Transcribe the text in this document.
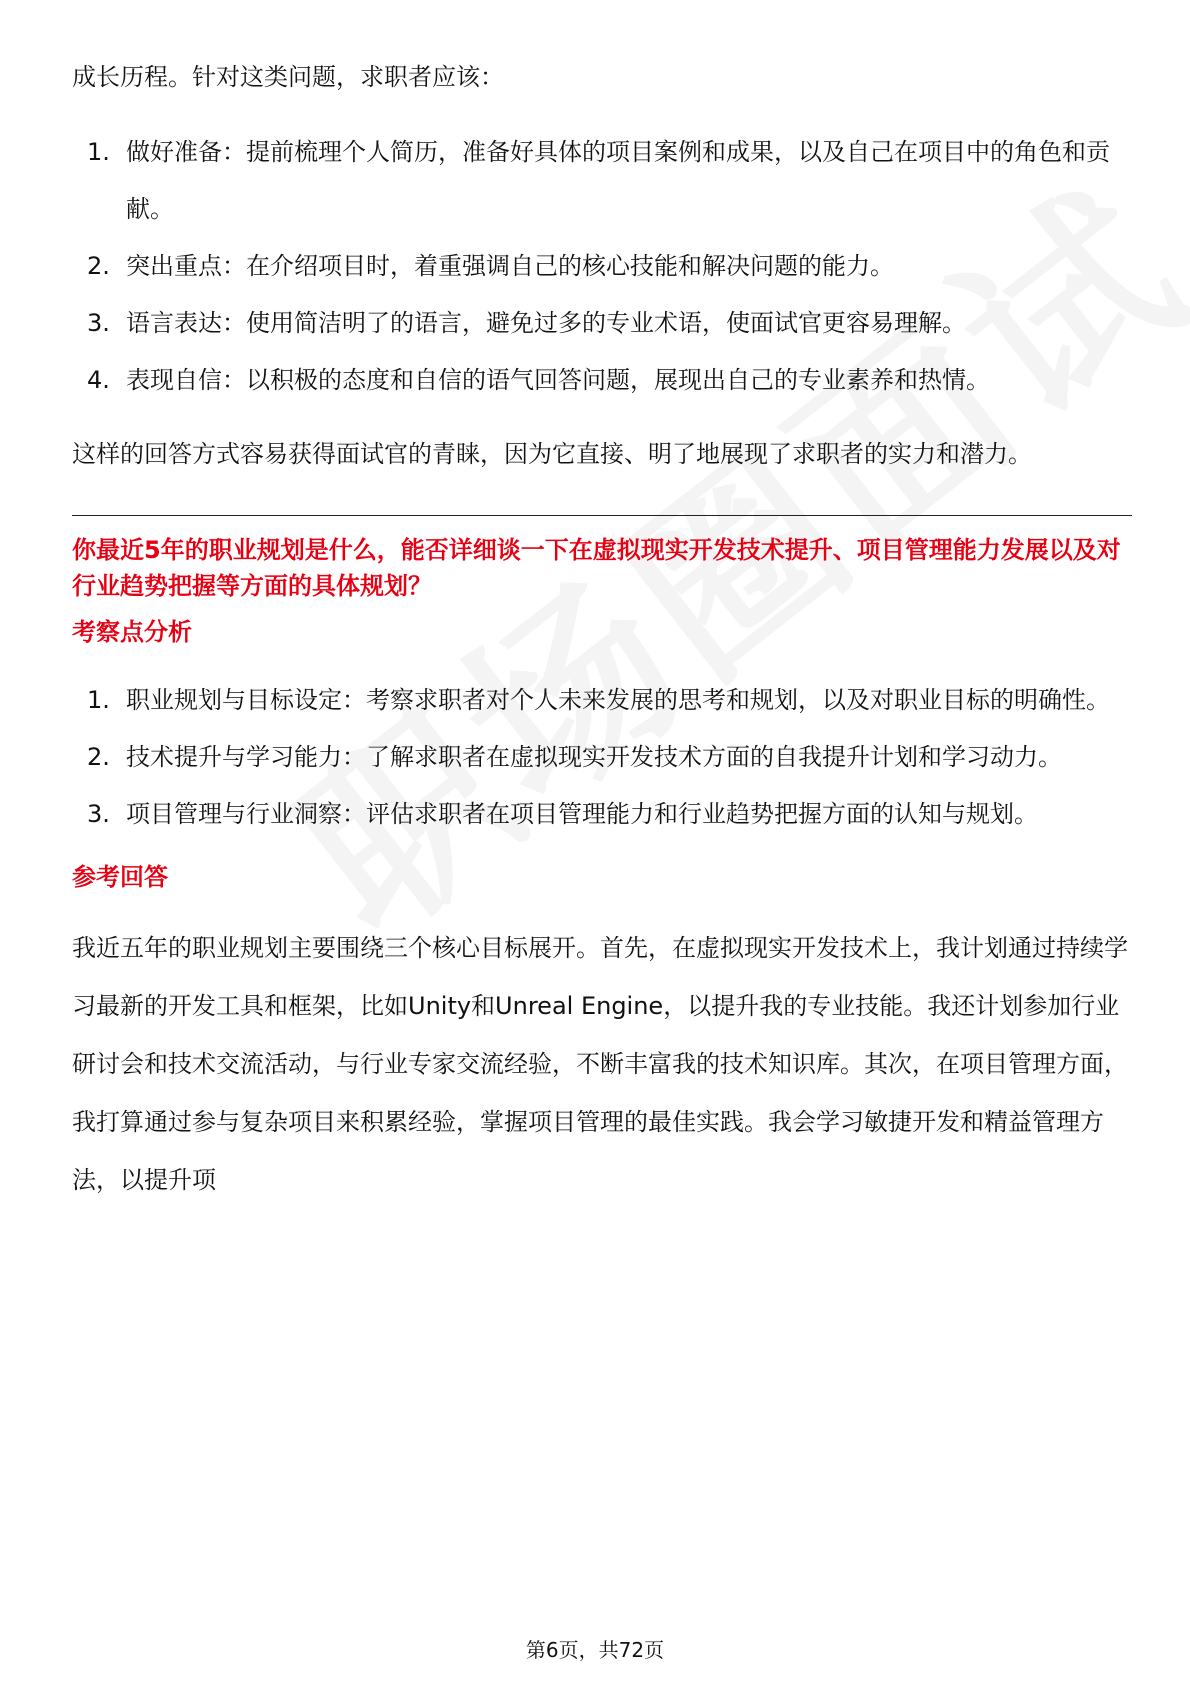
成长历程。针对这类问题，求职者应该：

1. 做好准备：提前梳理个人简历，准备好具体的项目案例和成果，以及自己在项目中的角色和贡献。
2. 突出重点：在介绍项目时，着重强调自己的核心技能和解决问题的能力。
3. 语言表达：使用简洁明了的语言，避免过多的专业术语，使面试官更容易理解。
4. 表现自信：以积极的态度和自信的语气回答问题，展现出自己的专业素养和热情。

这样的回答方式容易获得面试官的青睐，因为它直接、明了地展现了求职者的实力和潜力。

你最近5年的职业规划是什么，能否详细谈一下在虚拟现实开发技术提升、项目管理能力发展以及对行业趋势把握等方面的具体规划？

考察点分析

1. 职业规划与目标设定：考察求职者对个人未来发展的思考和规划，以及对职业目标的明确性。
2. 技术提升与学习能力：了解求职者在虚拟现实开发技术方面的自我提升计划和学习动力。
3. 项目管理与行业洞察：评估求职者在项目管理能力和行业趋势把握方面的认知与规划。

参考回答

我近五年的职业规划主要围绕三个核心目标展开。首先，在虚拟现实开发技术上，我计划通过持续学习最新的开发工具和框架，比如Unity和Unreal Engine，以提升我的专业技能。我还计划参加行业研讨会和技术交流活动，与行业专家交流经验，不断丰富我的技术知识库。其次，在项目管理方面，我打算通过参与复杂项目来积累经验，掌握项目管理的最佳实践。我会学习敏捷开发和精益管理方法，以提升项

第6页，共72页
